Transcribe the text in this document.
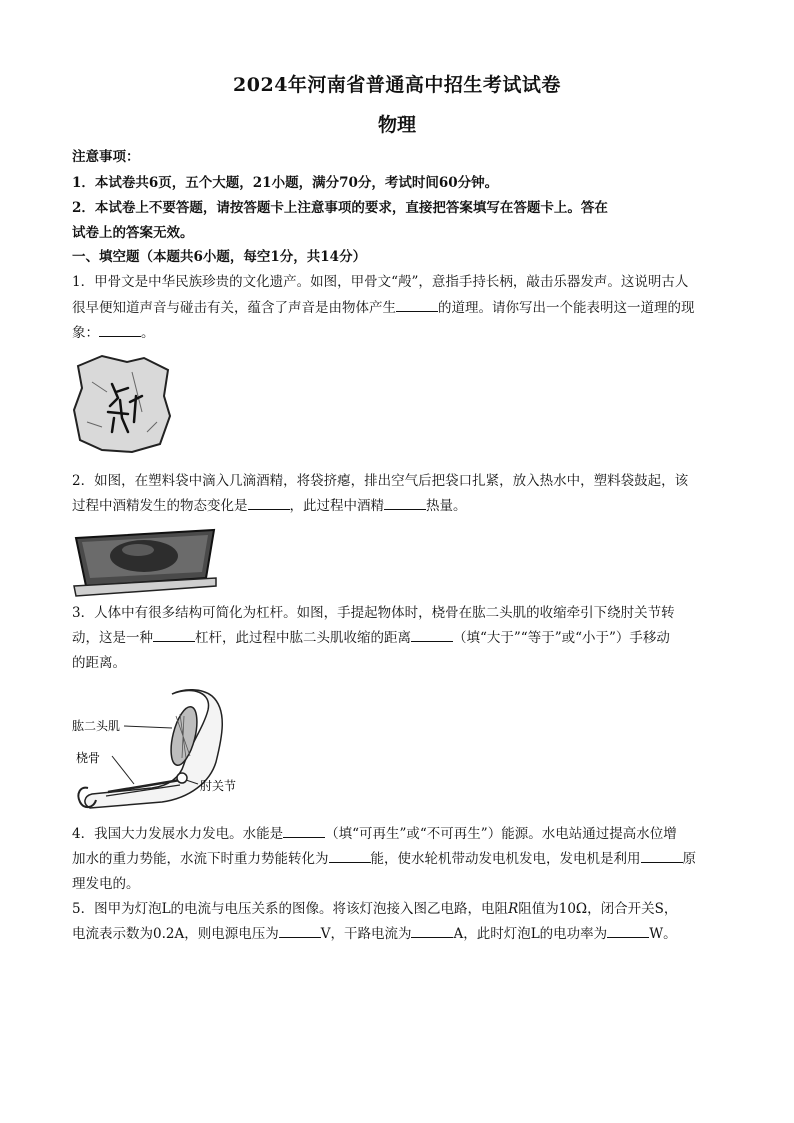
2024年河南省普通高中招生考试试卷
物理
注意事项：
1．本试卷共6页，五个大题，21小题，满分70分，考试时间60分钟。
2．本试卷上不要答题，请按答题卡上注意事项的要求，直接把答案填写在答题卡上。答在
试卷上的答案无效。
一、填空题（本题共6小题，每空1分，共14分）
1．甲骨文是中华民族珍贵的文化遗产。如图，甲骨文“殸”，意指手持长柄，敲击乐器发声。这说明古人
很早便知道声音与碰击有关，蕴含了声音是由物体产生	的道理。请你写出一个能表明这一道理的现
象：	。
2．如图，在塑料袋中滴入几滴酒精，将袋挤瘪，排出空气后把袋口扎紧，放入热水中，塑料袋鼓起，该
过程中酒精发生的物态变化是	，此过程中酒精	热量。
3．人体中有很多结构可简化为杠杆。如图，手提起物体时，桡骨在肱二头肌的收缩牵引下绕肘关节转
动，这是一种	杠杆，此过程中肱二头肌收缩的距离	（填“大于”“等于”或“小于”）手移动
的距离。
肱二头肌
桡骨
肘关节
4．我国大力发展水力发电。水能是	（填“可再生”或“不可再生”）能源。水电站通过提高水位增
加水的重力势能，水流下时重力势能转化为	能，使水轮机带动发电机发电，发电机是利用	原
理发电的。
5．图甲为灯泡L的电流与电压关系的图像。将该灯泡接入图乙电路，电阻R阻值为10Ω，闭合开关S，
电流表示数为0.2A，则电源电压为	V，干路电流为	A，此时灯泡L的电功率为	W。
